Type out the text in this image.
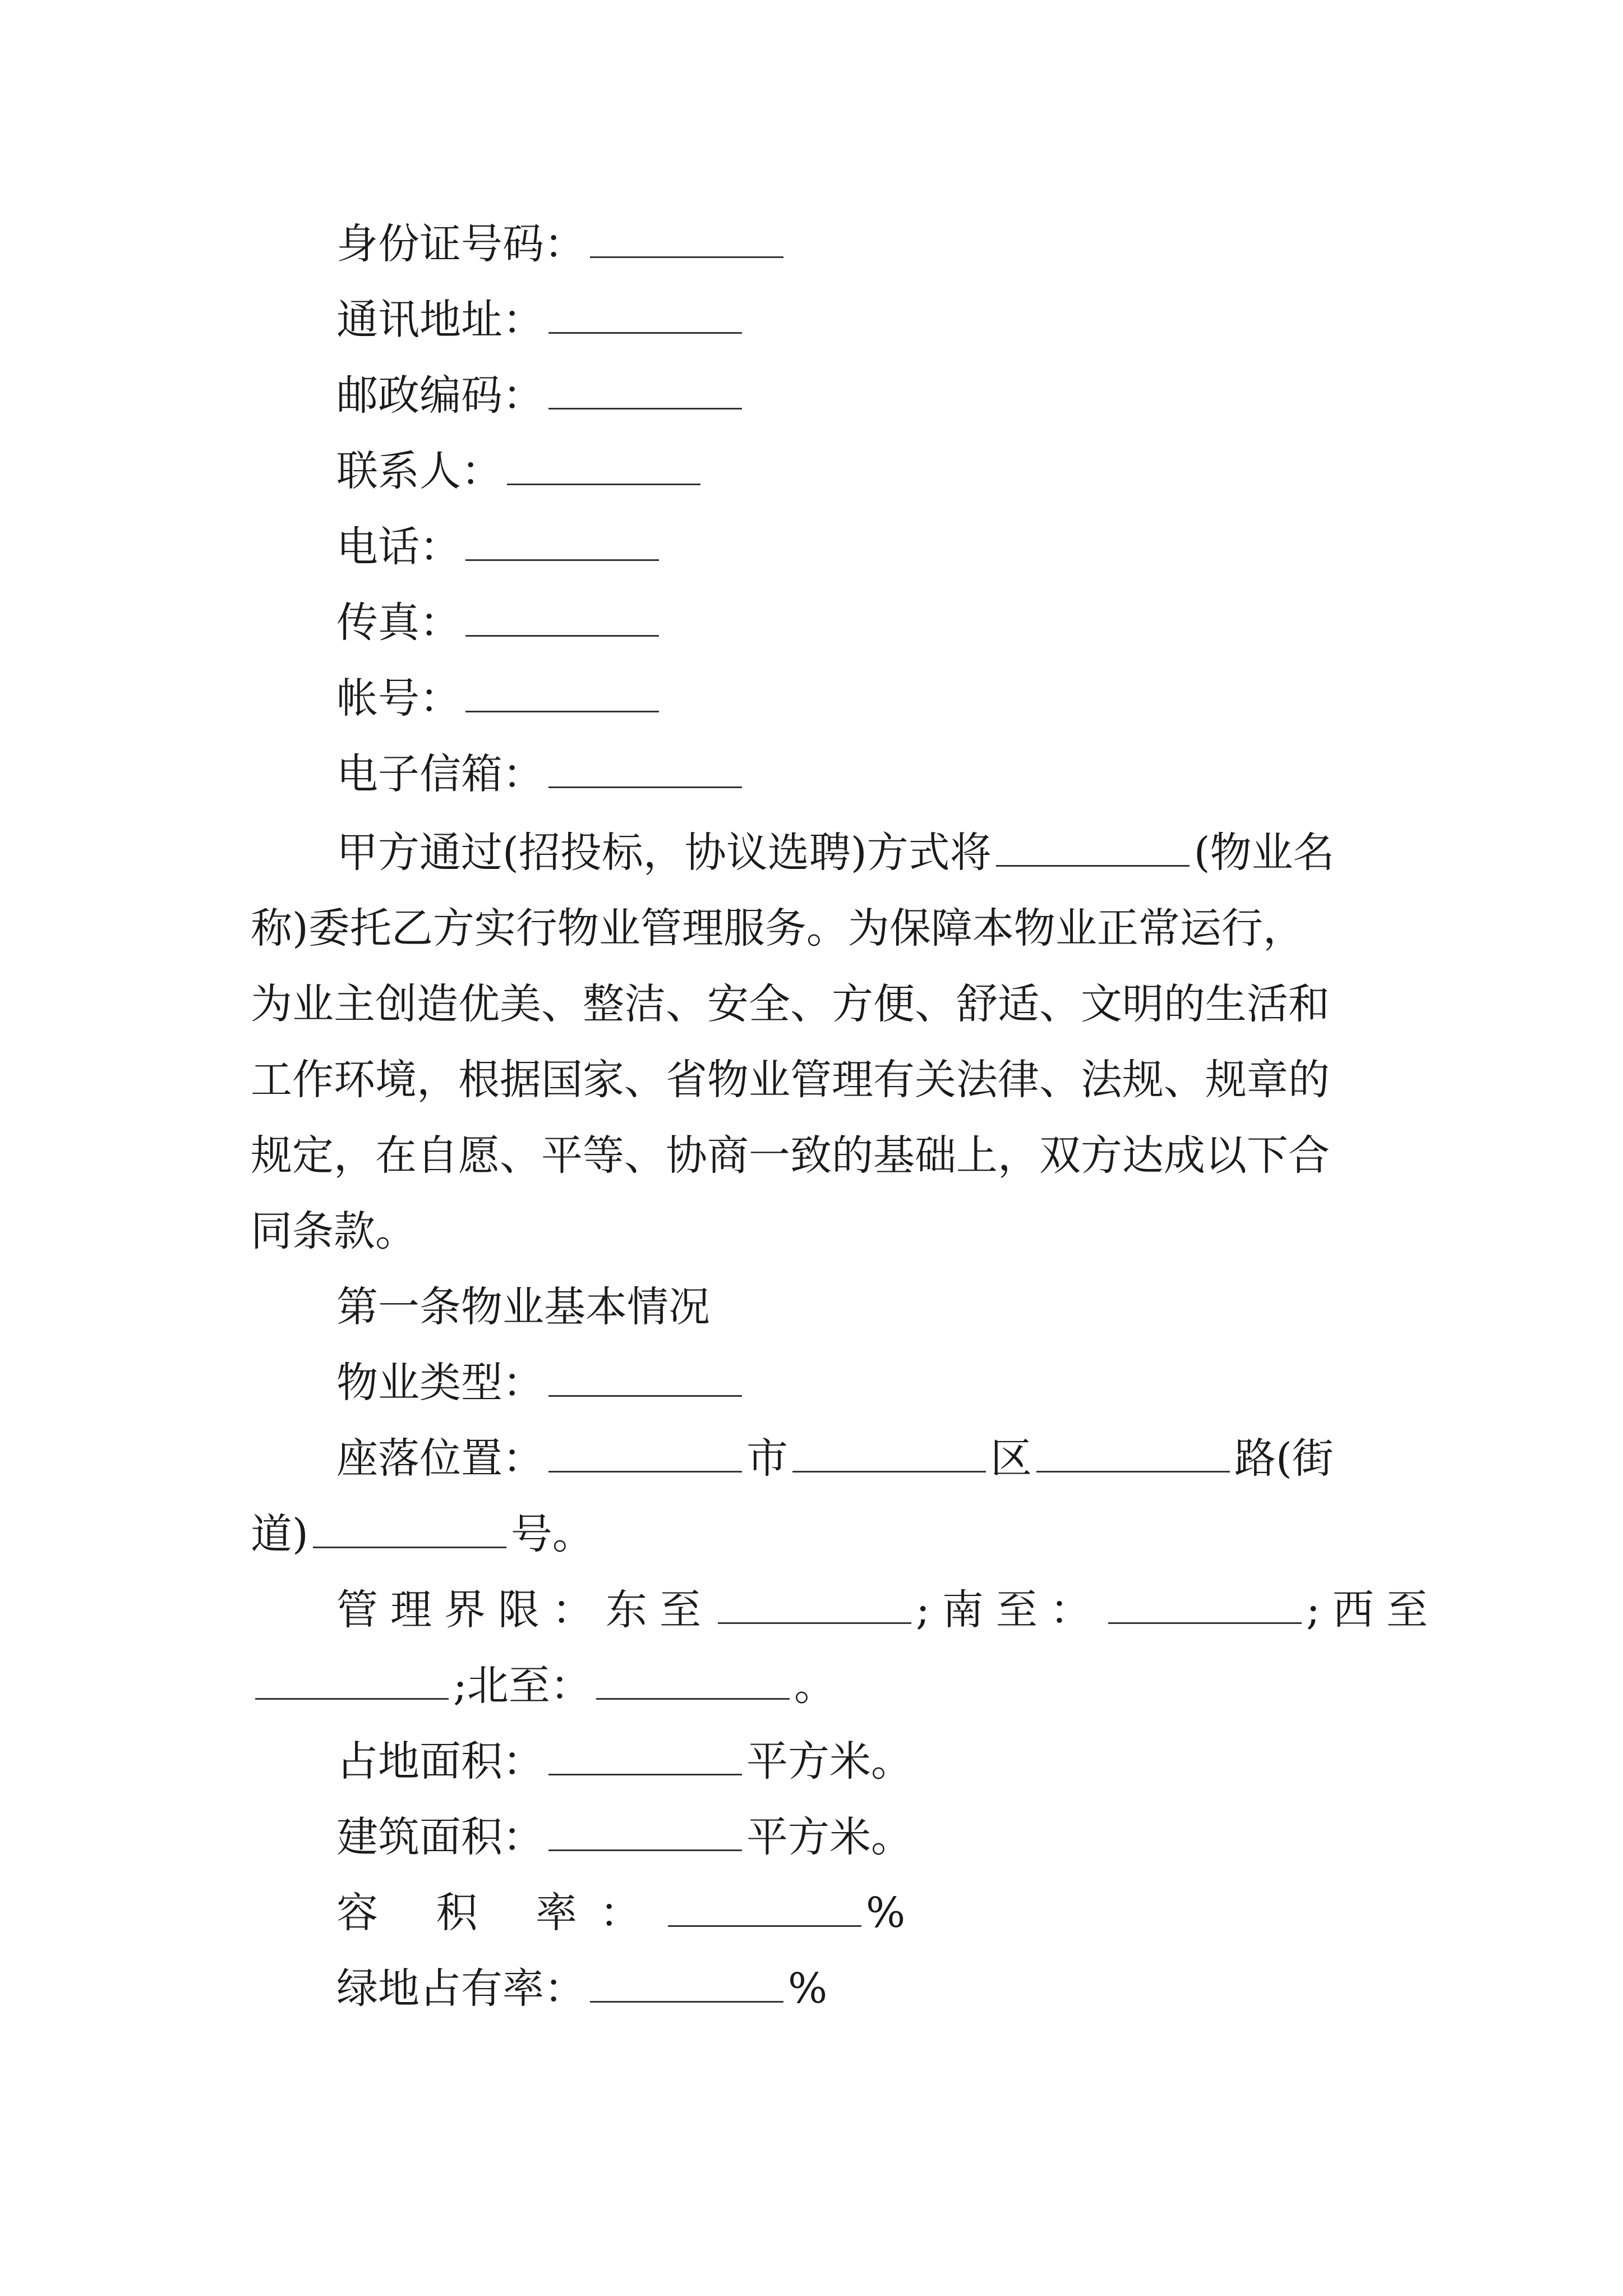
身份证号码：
通讯地址：
邮政编码：
联系人：
电话：
传真：
帐号：
电子信箱：
甲方通过(招投标，协议选聘)方式将	(物业名
称)委托乙方实行物业管理服务。为保障本物业正常运行，
为业主创造优美、整洁、安全、方便、舒适、文明的生活和
工作环境，根据国家、省物业管理有关法律、法规、规章的
规定，在自愿、平等、协商一致的基础上，双方达成以下合
同条款。
第一条物业基本情况
物业类型：
座落位置：	市	区	路(街
道)	号。
管理界限：东至	;南至：	;西至
;北至：	。
占地面积：	平方米。
建筑面积：	平方米。
容 积 率：	%
绿地占有率：	%
